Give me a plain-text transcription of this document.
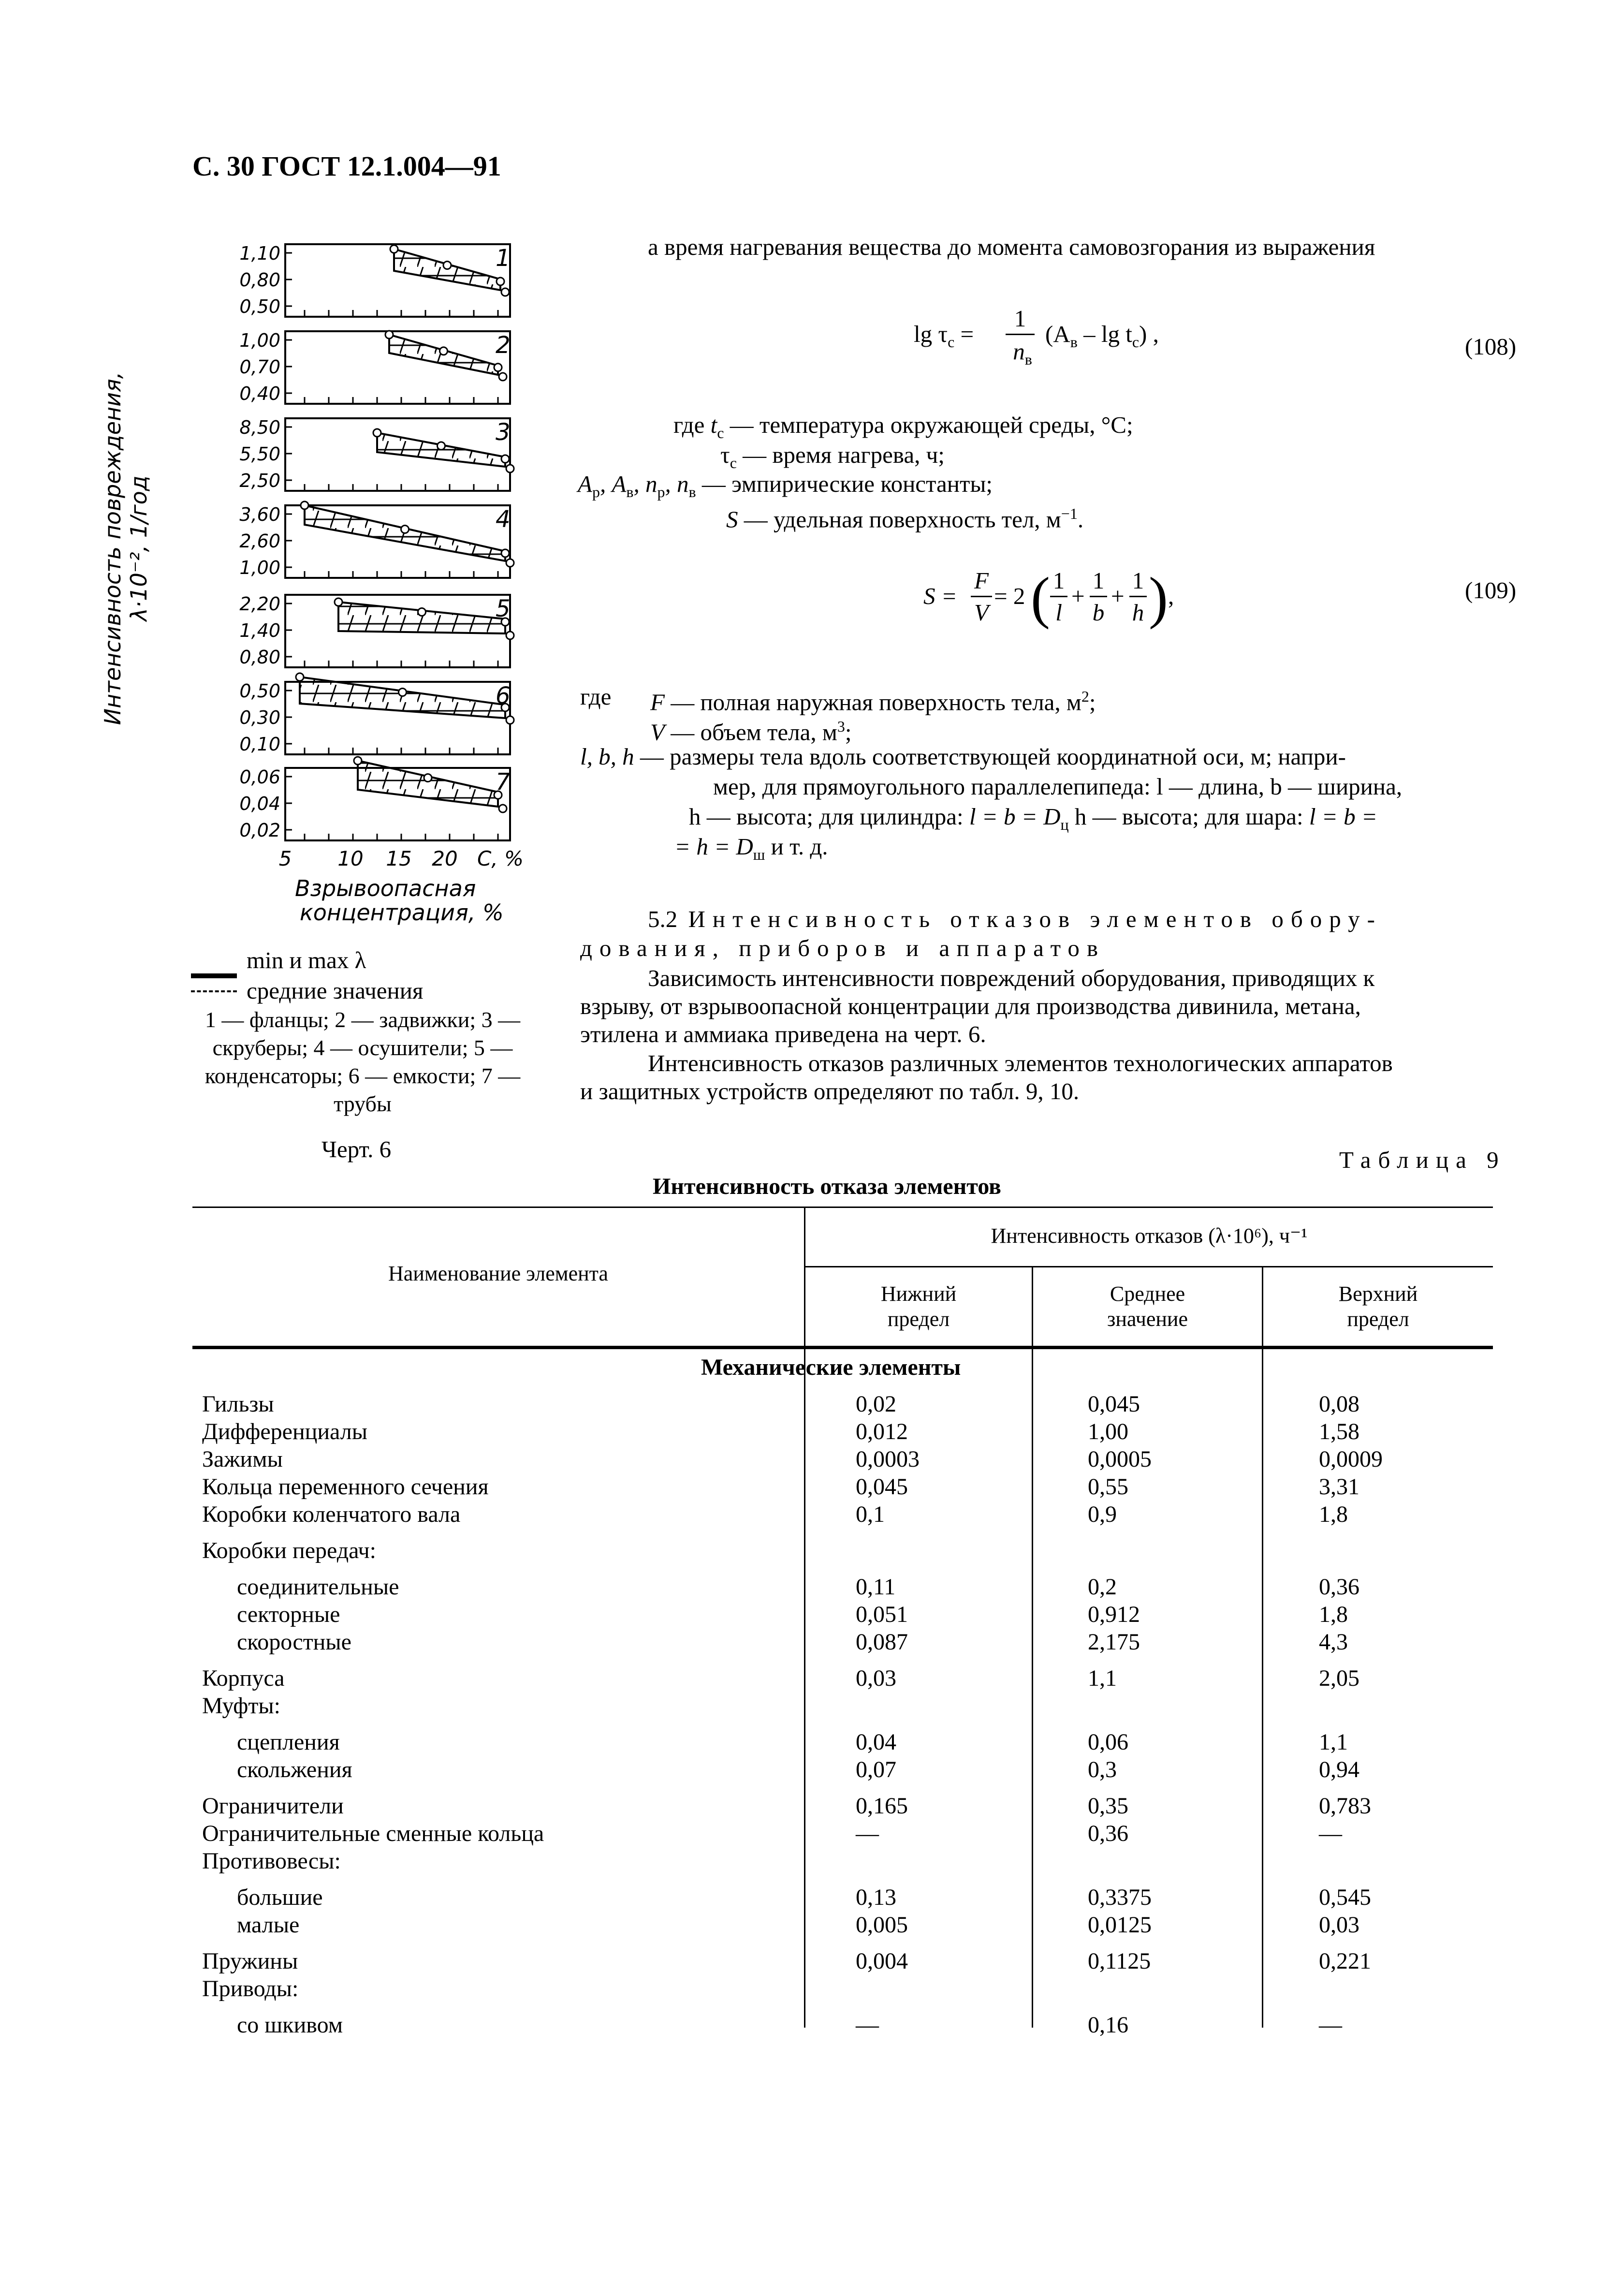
С. 30 ГОСТ 12.1.004—91
а время нагревания вещества до момента самовозгорания из выражения
$\lg \tau_с$ =
1
$n_в$
($A_в$ – $\lg t_с$) ,	(108)
где $t_с$ — температура окружающей среды, °С;
$\tau_с$ — время нагрева, ч;
$A_р$, $A_в$, $n_р$, $n_в$ — эмпирические константы;
S — удельная поверхность тел, $м^{-1}$.
S =
F
V
= 2 ( 1
l
+
1
b
+
1
h ) ,	(109)
где F — полная наружная поверхность тела, $м^2$;
V — объем тела, $м^3$;
l, b, h — размеры тела вдоль соответствующей координатной оси, м; напри-
мер, для прямоугольного параллелепипеда: l — длина, b — ширина,
h — высота; для цилиндра: $l = b = D_ц$ h — высота; для шара: l = b =
= $h = D_ш$ и т. д.
5.2 Интенсивность отказов элементов обору-
дования, приборов и аппаратов
Зависимость интенсивности повреждений оборудования, приводящих к
взрыву, от взрывоопасной концентрации для производства дивинила, метана,
этилена и аммиака приведена на черт. 6.
Интенсивность отказов различных элементов технологических аппаратов
и защитных устройств определяют по табл. 9, 10.
1,10
0,80
0,50
1
1,00
0,70
0,40
2
8,50
5,50
2,50
3
3,60
2,60
1,00
4
2,20
1,40
0,80
5
0,50
0,30
0,10
6
0,06
0,04
0,02
7
5 10 15 20 C, %
Интенсивность повреждения, λ·10⁻², 1/год
Взрывоопасная
концентрация, %
min и max λ
средние значения
1 — фланцы; 2 — задвижки; 3 —
скруберы; 4 — осушители; 5 —
конденсаторы; 6 — емкости; 7 —
трубы
Черт. 6	Таблица 9
Интенсивность отказа элементов
Наименование элемента
Интенсивность отказов (λ·10⁶), ч⁻¹
Нижний
предел
Среднее
значение
Верхний
предел
Механические элементы
Гильзы	0,02	0,045	0,08
Дифференциалы	0,012	1,00	1,58
Зажимы	0,0003	0,0005	0,0009
Кольца переменного сечения	0,045	0,55	3,31
Коробки коленчатого вала	0,1	0,9	1,8
Коробки передач:
соединительные	0,11	0,2	0,36
секторные	0,051	0,912	1,8
скоростные	0,087	2,175	4,3
Корпуса	0,03	1,1	2,05
Муфты:
сцепления	0,04	0,06	1,1
скольжения	0,07	0,3	0,94
Ограничители	0,165	0,35	0,783
Ограничительные сменные кольца	—	0,36	—
Противовесы:
большие	0,13	0,3375	0,545
малые	0,005	0,0125	0,03
Пружины	0,004	0,1125	0,221
Приводы:
со шкивом	—	0,16	—
